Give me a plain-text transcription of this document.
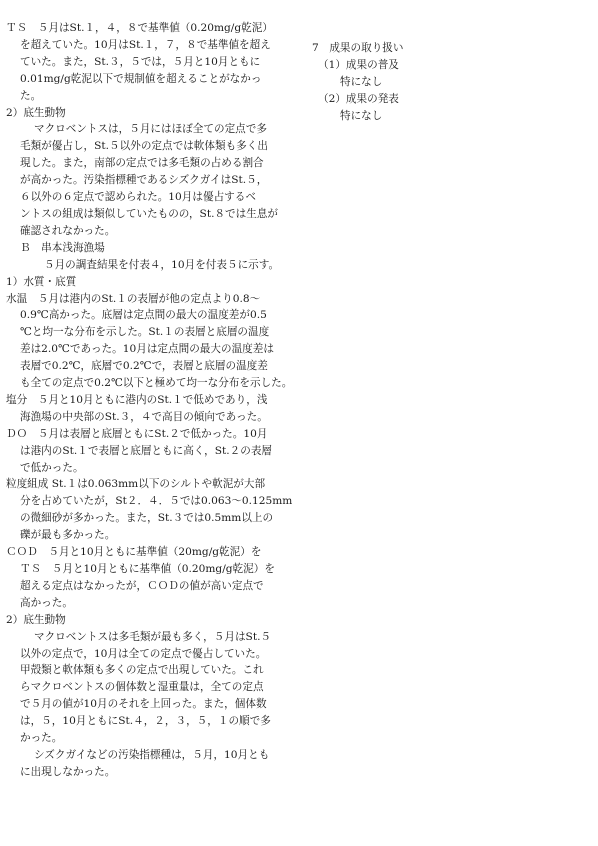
ＴＳ　５月はSt.１，４，８で基準値（0.20mg/g乾泥）
を超えていた。10月はSt.１，７，８で基準値を超え
ていた。また，St.３，５では，５月と10月ともに
0.01mg/g乾泥以下で規制値を超えることがなかっ
た。
2）底生動物
マクロベントスは，５月にはほぼ全ての定点で多
毛類が優占し，St.５以外の定点では軟体類も多く出
現した。また，南部の定点では多毛類の占める割合
が高かった。汚染指標種であるシズクガイはSt.５，
６以外の６定点で認められた。10月は優占するベ
ントスの組成は類似していたものの，St.８では生息が
確認されなかった。
Ｂ　串本浅海漁場
５月の調査結果を付表４，10月を付表５に示す。
1）水質・底質
水温　５月は港内のSt.１の表層が他の定点より0.8～
0.9℃高かった。底層は定点間の最大の温度差が0.5
℃と均一な分布を示した。St.１の表層と底層の温度
差は2.0℃であった。10月は定点間の最大の温度差は
表層で0.2℃，底層で0.2℃で，表層と底層の温度差
も全ての定点で0.2℃以下と極めて均一な分布を示した。
塩分　５月と10月ともに港内のSt.１で低めであり，浅
海漁場の中央部のSt.３，４で高目の傾向であった。
ＤＯ　５月は表層と底層ともにSt.２で低かった。10月
は港内のSt.１で表層と底層ともに高く，St.２の表層
で低かった。
粒度組成 St.１は0.063mm以下のシルトや軟泥が大部
分を占めていたが，St２．４．５では0.063～0.125mm
の微細砂が多かった。また，St.３では0.5mm以上の
礫が最も多かった。
ＣＯＤ　５月と10月ともに基準値（20mg/g乾泥）を
ＴＳ　５月と10月ともに基準値（0.20mg/g乾泥）を
超える定点はなかったが，ＣＯＤの値が高い定点で
高かった。
2）底生動物
マクロベントスは多毛類が最も多く，５月はSt.５
以外の定点で，10月は全ての定点で優占していた。
甲殻類と軟体類も多くの定点で出現していた。これ
らマクロベントスの個体数と湿重量は，全ての定点
で５月の値が10月のそれを上回った。また，個体数
は，５，10月ともにSt.４，２，３，５，１の順で多
かった。
シズクガイなどの汚染指標種は，５月，10月とも
に出現しなかった。
7　成果の取り扱い
（1）成果の普及
特になし
（2）成果の発表
特になし
